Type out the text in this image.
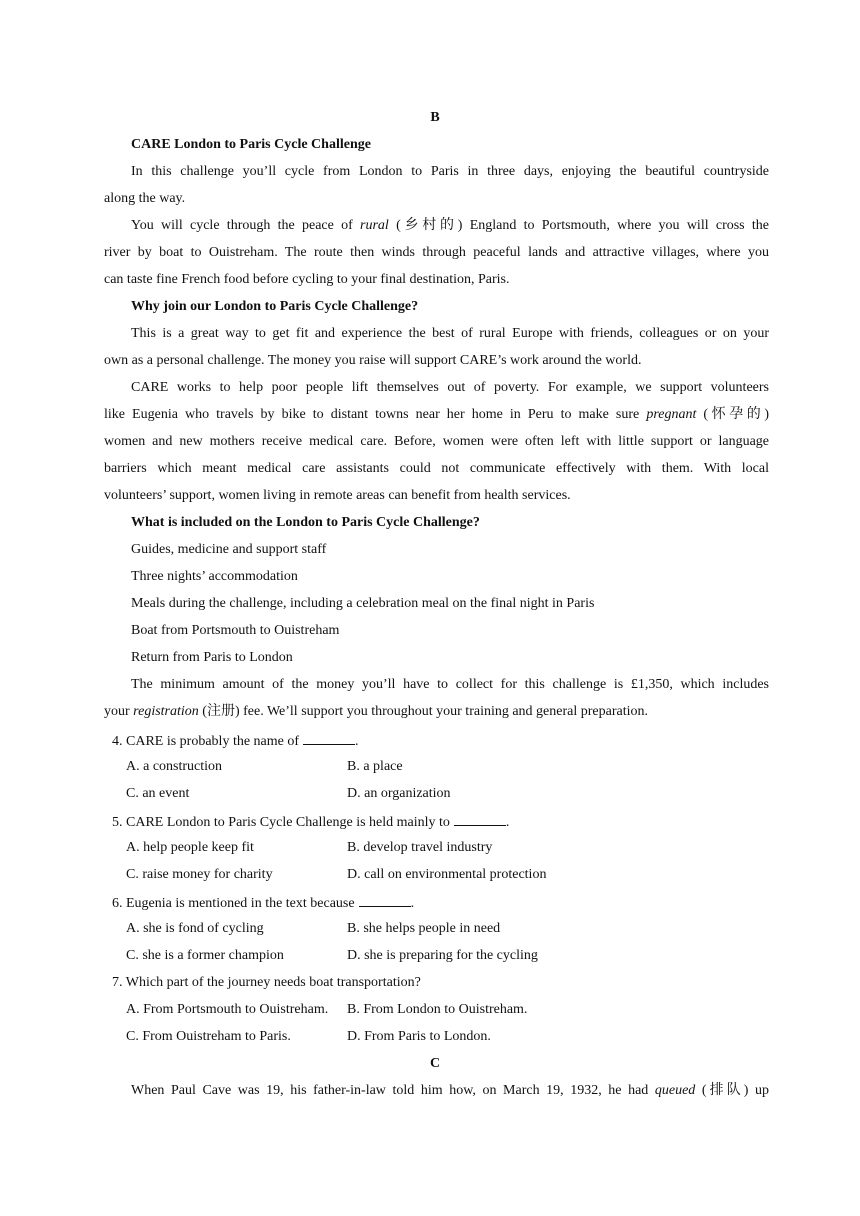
B
CARE London to Paris Cycle Challenge
In this challenge you’ll cycle from London to Paris in three days, enjoying the beautiful countryside
along the way.
You will cycle through the peace of rural (乡村的) England to Portsmouth, where you will cross the
river by boat to Ouistreham. The route then winds through peaceful lands and attractive villages, where you
can taste fine French food before cycling to your final destination, Paris.
Why join our London to Paris Cycle Challenge?
This is a great way to get fit and experience the best of rural Europe with friends, colleagues or on your
own as a personal challenge. The money you raise will support CARE’s work around the world.
CARE works to help poor people lift themselves out of poverty. For example, we support volunteers
like Eugenia who travels by bike to distant towns near her home in Peru to make sure pregnant (怀孕的)
women and new mothers receive medical care. Before, women were often left with little support or language
barriers which meant medical care assistants could not communicate effectively with them. With local
volunteers’ support, women living in remote areas can benefit from health services.
What is included on the London to Paris Cycle Challenge?
Guides, medicine and support staff
Three nights’ accommodation
Meals during the challenge, including a celebration meal on the final night in Paris
Boat from Portsmouth to Ouistreham
Return from Paris to London
The minimum amount of the money you’ll have to collect for this challenge is £1,350, which includes
your registration (注册) fee. We’ll support you throughout your training and general preparation.
4. CARE is probably the name of	.
A. a construction	B. a place
C. an event	D. an organization
5. CARE London to Paris Cycle Challenge is held mainly to	.
A. help people keep fit	B. develop travel industry
C. raise money for charity	D. call on environmental protection
6. Eugenia is mentioned in the text because	.
A. she is fond of cycling	B. she helps people in need
C. she is a former champion	D. she is preparing for the cycling
7. Which part of the journey needs boat transportation?
A. From Portsmouth to Ouistreham. B. From London to Ouistreham.
C. From Ouistreham to Paris.	D. From Paris to London.
C
When Paul Cave was 19, his father-in-law told him how, on March 19, 1932, he had queued (排队) up
